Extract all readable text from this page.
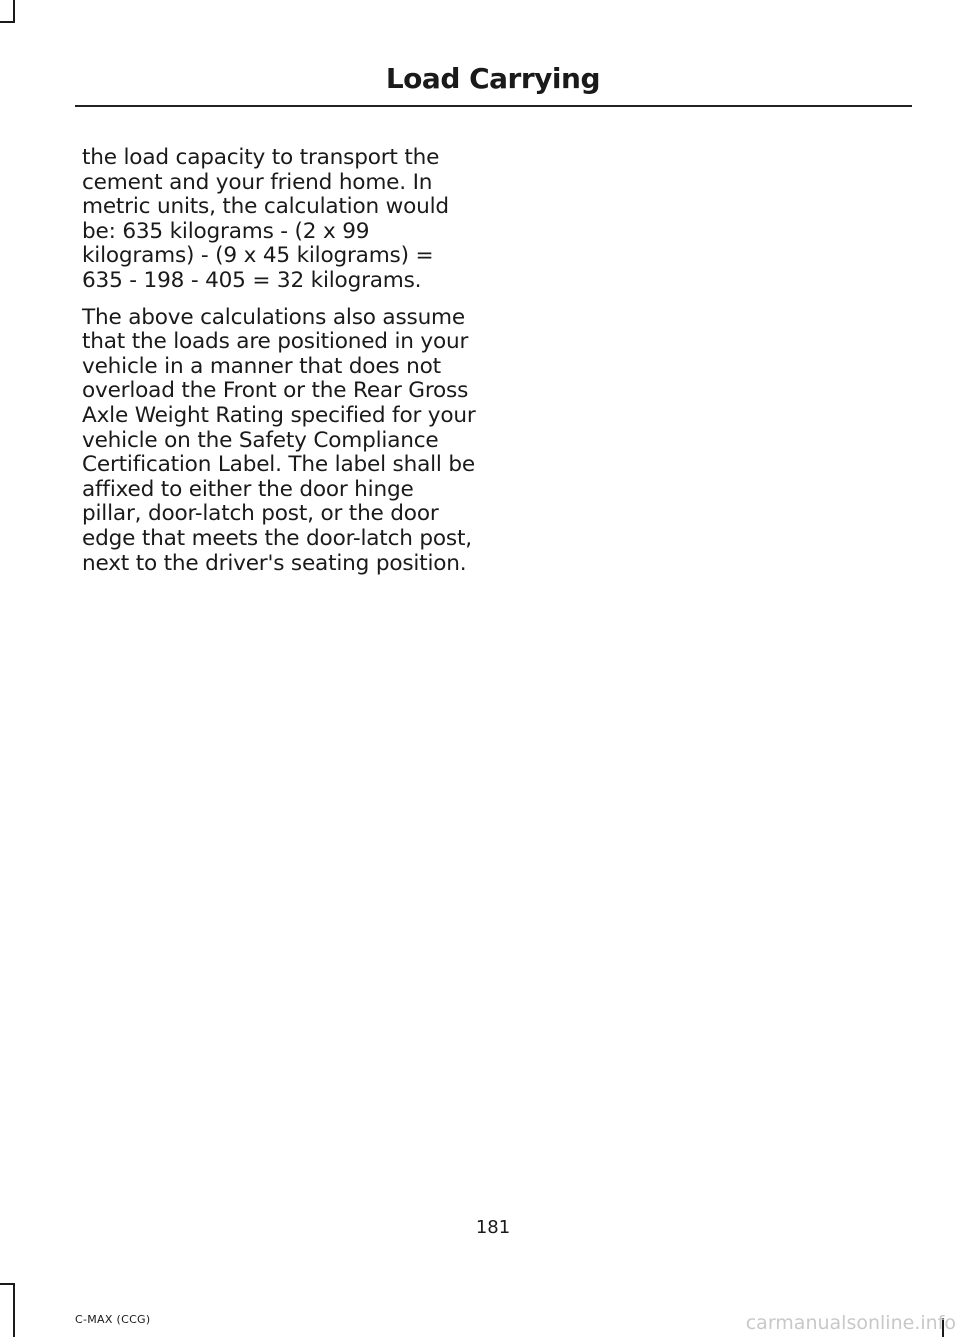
Load Carrying

the load capacity to transport the cement and your friend home. In metric units, the calculation would be: 635 kilograms - (2 x 99 kilograms) - (9 x 45 kilograms) = 635 - 198 - 405 = 32 kilograms.

The above calculations also assume that the loads are positioned in your vehicle in a manner that does not overload the Front or the Rear Gross Axle Weight Rating specified for your vehicle on the Safety Compliance Certification Label. The label shall be affixed to either the door hinge pillar, door-latch post, or the door edge that meets the door-latch post, next to the driver's seating position.

181
C-MAX (CCG)	carmanualsonline.info
